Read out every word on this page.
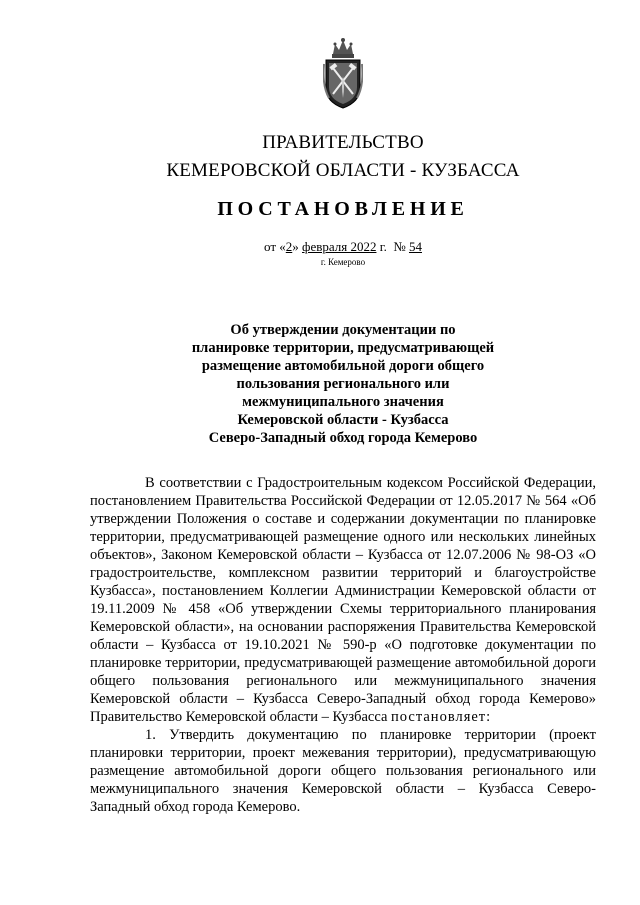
ПРАВИТЕЛЬСТВО
КЕМЕРОВСКОЙ ОБЛАСТИ - КУЗБАССА
ПОСТАНОВЛЕНИЕ
от «2» февраля 2022 г. № 54
г. Кемерово
Об утверждении документации по
планировке территории, предусматривающей
размещение автомобильной дороги общего
пользования регионального или
межмуниципального значения
Кемеровской области - Кузбасса
Северо-Западный обход города Кемерово

В соответствии с Градостроительным кодексом Российской Федерации, постановлением Правительства Российской Федерации от 12.05.2017 № 564 «Об утверждении Положения о составе и содержании документации по планировке территории, предусматривающей размещение одного или нескольких линейных объектов», Законом Кемеровской области – Кузбасса от 12.07.2006 № 98-ОЗ «О градостроительстве, комплексном развитии территорий и благоустройстве Кузбасса», постановлением Коллегии Администрации Кемеровской области от 19.11.2009 № 458 «Об утверждении Схемы территориального планирования Кемеровской области», на основании распоряжения Правительства Кемеровской области – Кузбасса от 19.10.2021 № 590-р «О подготовке документации по планировке территории, предусматривающей размещение автомобильной дороги общего пользования регионального или межмуниципального значения Кемеровской области – Кузбасса Северо-Западный обход города Кемерово» Правительство Кемеровской области – Кузбасса постановляет:

1. Утвердить документацию по планировке территории (проект планировки территории, проект межевания территории), предусматривающую размещение автомобильной дороги общего пользования регионального или межмуниципального значения Кемеровской области – Кузбасса Северо-Западный обход города Кемерово.
